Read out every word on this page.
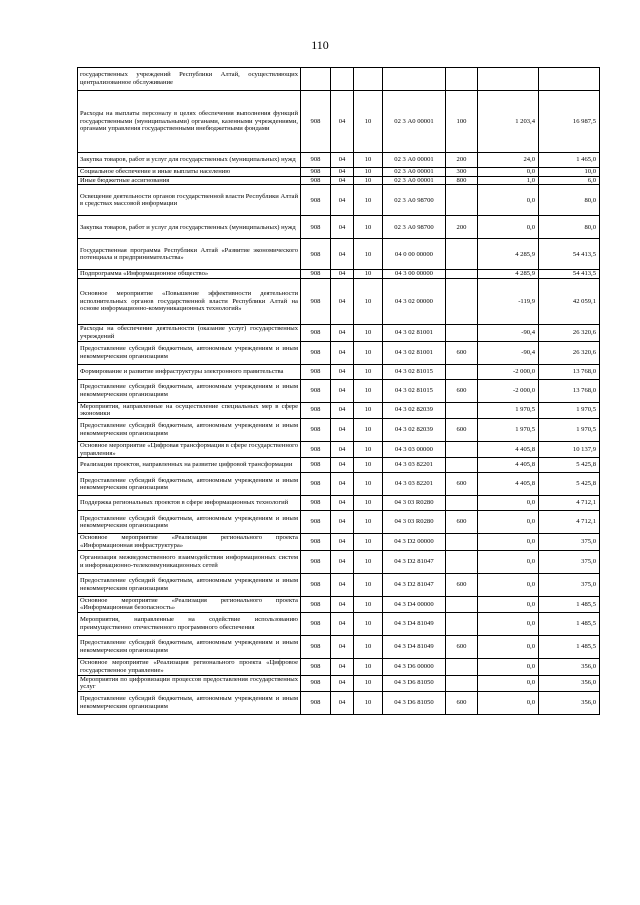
110
государственных учреждений Республики Алтай, осуществляющих централизованное обслуживание							
Расходы на выплаты персоналу в целях обеспечения выполнения функций государственными (муниципальными) органами, казенными учреждениями, органами управления государственными внебюджетными фондами	908	04	10	02 3 А0 00001	100	1 203,4	16 987,5
Закупка товаров, работ и услуг для государственных (муниципальных) нужд	908	04	10	02 3 А0 00001	200	24,0	1 465,0
Социальное обеспечение и иные выплаты населению	908	04	10	02 3 А0 00001	300	0,0	10,0
Иные бюджетные ассигнования	908	04	10	02 3 А0 00001	800	1,0	6,0
Освещение деятельности органов государственной власти Республики Алтай в средствах массовой информации	908	04	10	02 3 А0 98700		0,0	80,0
Закупка товаров, работ и услуг для государственных (муниципальных) нужд	908	04	10	02 3 А0 98700	200	0,0	80,0
Государственная программа Республики Алтай «Развитие экономического потенциала и предпринимательства»	908	04	10	04 0 00 00000		4 285,9	54 413,5
Подпрограмма «Информационное общество»	908	04	10	04 3 00 00000		4 285,9	54 413,5
Основное мероприятие «Повышение эффективности деятельности исполнительных органов государственной власти Республики Алтай на основе информационно-коммуникационных технологий»	908	04	10	04 3 02 00000		-119,9	42 059,1
Расходы на обеспечение деятельности (оказание услуг) государственных учреждений	908	04	10	04 3 02 81001		-90,4	26 320,6
Предоставление субсидий бюджетным, автономным учреждениям и иным некоммерческим организациям	908	04	10	04 3 02 81001	600	-90,4	26 320,6
Формирование и развитие инфраструктуры электронного правительства	908	04	10	04 3 02 81015		-2 000,0	13 768,0
Предоставление субсидий бюджетным, автономным учреждениям и иным некоммерческим организациям	908	04	10	04 3 02 81015	600	-2 000,0	13 768,0
Мероприятия, направленные на осуществление специальных мер в сфере экономики	908	04	10	04 3 02 82039		1 970,5	1 970,5
Предоставление субсидий бюджетным, автономным учреждениям и иным некоммерческим организациям	908	04	10	04 3 02 82039	600	1 970,5	1 970,5
Основное мероприятие «Цифровая трансформация в сфере государственного управления»	908	04	10	04 3 03 00000		4 405,8	10 137,9
Реализация проектов, направленных на развитие цифровой трансформации	908	04	10	04 3 03 82201		4 405,8	5 425,8
Предоставление субсидий бюджетным, автономным учреждениям и иным некоммерческим организациям	908	04	10	04 3 03 82201	600	4 405,8	5 425,8
Поддержка региональных проектов в сфере информационных технологий	908	04	10	04 3 03 R0280		0,0	4 712,1
Предоставление субсидий бюджетным, автономным учреждениям и иным некоммерческим организациям	908	04	10	04 3 03 R0280	600	0,0	4 712,1
Основное мероприятие «Реализация регионального проекта «Информационная инфраструктура»	908	04	10	04 3 D2 00000		0,0	375,0
Организация межведомственного взаимодействия информационных систем и информационно-телекоммуникационных сетей	908	04	10	04 3 D2 81047		0,0	375,0
Предоставление субсидий бюджетным, автономным учреждениям и иным некоммерческим организациям	908	04	10	04 3 D2 81047	600	0,0	375,0
Основное мероприятие «Реализация регионального проекта «Информационная безопасность»	908	04	10	04 3 D4 00000		0,0	1 485,5
Мероприятия, направленные на содействие использованию преимущественно отечественного программного обеспечения	908	04	10	04 3 D4 81049		0,0	1 485,5
Предоставление субсидий бюджетным, автономным учреждениям и иным некоммерческим организациям	908	04	10	04 3 D4 81049	600	0,0	1 485,5
Основное мероприятие «Реализация регионального проекта «Цифровое государственное управление»	908	04	10	04 3 D6 00000		0,0	356,0
Мероприятия по цифровизации процессов предоставления государственных услуг	908	04	10	04 3 D6 81050		0,0	356,0
Предоставление субсидий бюджетным, автономным учреждениям и иным некоммерческим организациям	908	04	10	04 3 D6 81050	600	0,0	356,0
